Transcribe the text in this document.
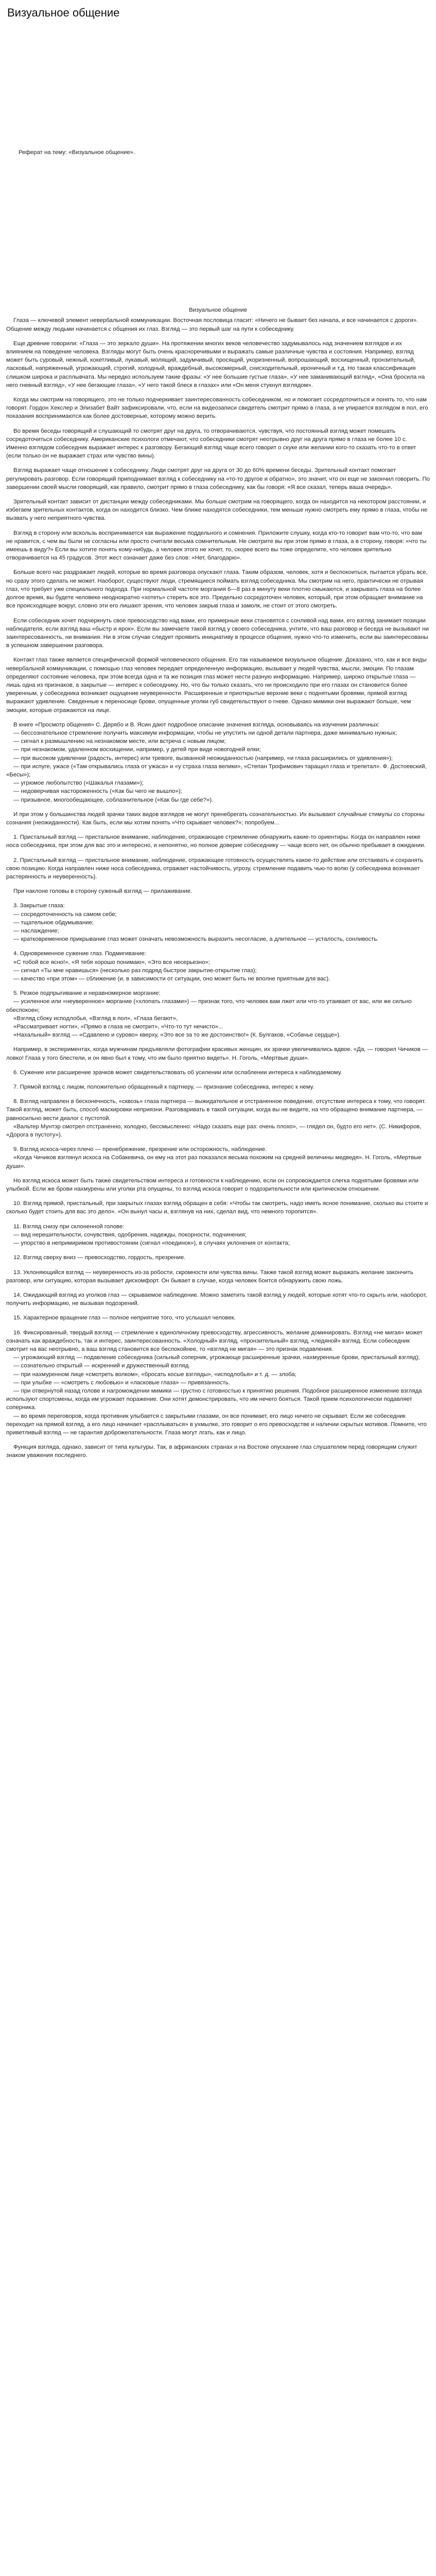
Визуальное общение
Реферат на тему: «Визуальное общение».
Визуальное общение

Глаза — ключевой элемент невербальной коммуникации. Восточная пословица гласит: «Ничего не бывает без начала, и все начинается с дороги». Общение между людьми начинается с общения их глаз. Взгляд — это первый шаг на пути к собеседнику.

Еще древние говорили: «Глаза — это зеркало души». На протяжении многих веков человечество задумывалось над значением взглядов и их влиянием на поведение человека. Взгляды могут быть очень красноречивыми и выражать самые различные чувства и состояния. Например, взгляд может быть суровый, нежный, кокетливый, лукавый, молящий, задумчивый, просящий, укоризненный, вопрошающий, восхищенный, пронзительный, ласковый, напряженный, угрожающий, строгий, холодный, враждебный, высокомерный, снисходительный, ироничный и т.д. Но такая классификация слишком широка и расплывчата. Мы нередко используем такие фразы: «У нее большие густые глаза», «У нее заманивающий взгляд», «Она бросила на него гневный взгляд», «У нее бегающие глаза», «У него такой блеск в глазах» или «Он меня стукнул взглядом».

Когда мы смотрим на говорящего, это не только подчеркивает заинтересованность собеседником, но и помогает сосредоточиться и понять то, что нам говорят. Гордон Хекслер и Элизабет Вайт зафиксировали, что, если на видеозаписи свидетель смотрит прямо в глаза, а не упирается взглядом в пол, его показания воспринимаются как более достоверные, которому можно верить.

Во время беседы говорящий и слушающий то смотрят друг на друга, то отворачиваются, чувствуя, что постоянный взгляд может помешать сосредоточиться собеседнику. Американские психологи отмечают, что собеседники смотрят неотрывно друг на друга прямо в глаза не более 10 с. Именно взглядом собеседник выражает интерес к разговору. Бегающий взгляд чаще всего говорит о скуке или желании кого-то сказать что-то в ответ (если только он не выражает страх или чувство вины).

Взгляд выражает чаще отношение к собеседнику. Люди смотрят друг на друга от 30 до 60% времени беседы. Зрительный контакт помогает регулировать разговор. Если говорящий приподнимает взгляд к собеседнику на «то-то другое и обратно», это значит, что он еще не закончил говорить. По завершении своей мысли говорящий, как правило, смотрит прямо в глаза собеседнику, как бы говоря: «Я все сказал, теперь ваша очередь».

Зрительный контакт зависит от дистанции между собеседниками. Мы больше смотрим на говорящего, когда он находится на некотором расстоянии, и избегаем зрительных контактов, когда он находится близко. Чем ближе находятся собеседники, тем меньше нужно смотреть ему прямо в глаза, чтобы не вызвать у него неприятного чувства.

Взгляд в сторону или вскользь воспринимается как выражение поддельного и сомнения. Приложите слушку, когда кто-то говорит вам что-то, что вам не нравится, с чем вы были не согласны или просто считали весьма сомнительным. Не смотрите вы при этом прямо в глаза, а в сторону, говоря: «что ты имеешь в виду?» Если вы хотите понять кому-нибудь, а человек этого не хочет, то, скорее всего вы тоже определите, что человек зрительно отворачивается на 45 градусов. Этот жест означает даже без слов: «Нет, благодарю».

Больше всего нас раздражает людей, которые во время разговора опускают глаза. Таким образом, человек, хотя и беспокоиться, пытается убрать все, но сразу этого сделать не может. Наоборот, существуют люди, стремящиеся поймать взгляд собеседника. Мы смотрим на него, практически не отрывая глаз, что требует уже специального подхода. При нормальной частоте моргания 6—8 раз в минуту веки плотно смыкаются, и закрывать глаза на более долгое время, вы будете человеке неоднократно «хотеть» стереть все это. Предельно сосредоточен человек, который, при этом обращает внимание на все происходящее вокруг, словно эти его лишают зрения, что человек закрыв глаза и замолк, не стоит от этого смотреть.

Если собеседник хочет подчеркнуть свое превосходство над вами, его примерные веки становятся с сонливой над вами, его взгляд занимает позиции наблюдателя, если взгляд ваш «быстр и ярок». Если вы замечаете такой взгляд у своего собеседника, учтите, что ваш разговор и беседа не вызывают ни заинтересованность, ни внимания. Ни в этом случае следует проявить инициативу в процессе общения, нужно что-то изменить, если вы заинтересованы в успешном завершении разговора.

Контакт глаз также является специфической формой человеческого общения. Его так называемое визуальное общение. Доказано, что, как и все виды невербальной коммуникации, с помощью глаз человек передает определенную информацию, вызывает у людей чувства, мысли, эмоции. По глазам определяют состояние человека, при этом всегда одна и та же позиция глаз может нести разную информацию. Например, широко открытые глаза — лишь одна из признаков, а закрытые — интерес к собеседнику. Но, что бы только сказать, что ни происходило при его глазах он становится более уверенным, у собеседника возникает ощущение неуверенности. Расширенные и приоткрытые верхние веки с поднятыми бровями, прямой взгляд выражают удивление. Сведенные к переносице брови, опущенные уголки губ свидетельствуют о гневе. Однако мимики они выражают больше, чем эмоции, которые отражаются на лице.

В книге «Просмотр общения» С. Дерябо и В. Ясин дают подробное описание значения взгляда, основываясь на изучении различных:

— бессознательное стремление получить максимум информации, чтобы не упустить ни одной детали партнера, даже минимально нужных;

— сигнал к размышлению на незнакомом месте, или встреча с новым лицом;

— при незнакомом, удаленном восхищении, например, у детей при виде новогодней елки;

— при высоком удивлении (радость, интерес) или тревоге, вызванной неожиданностью (например, «и глаза расширились от удивления»);

— при испуге, ужасе («Там открывались глаза от ужаса» и «у страха глаза велики», «Степан Трофимович таращил глаза и трепетал». Ф. Достоевский, «Бесы»);

— угрюмое любопытство («Шакалья глазами»);

— недоверчивая настороженность («Как бы чего не вышло»);

— призывное, многообещающее, соблазнительное («Как бы где себе?»).

И при этом у большинства людей зрачки таких видов взглядов не могут пренебрегать сознательностью. Их вызывают случайные стимулы со стороны сознания (неожиданности). Как быть, если мы хотим понять «Что скрывает человек?»; попробуем...

1. Пристальный взгляд — пристальное внимание, наблюдение, отражающее стремление обнаружить какие-то ориентиры. Когда он направлен ниже носа собеседника, при этом для вас это и интересно, и непонятно, но полное доверие собеседнику — чаще всего нет, он обычно пребывает в ожидании.

2. Пристальный взгляд — пристальное внимание, наблюдение, отражающее готовность осуществлять какое-то действие или отстаивать и сохранять свою позицию. Когда направлен ниже носа собеседника, отражает настойчивость, угрозу, стремление подавить чью-то волю (у собеседника возникает растерянность и неуверенность).

При наклоне головы в сторону суженый взгляд — прилаживание.

3. Закрытые глаза:

— сосредоточенность на самом себе;

— тщательное обдумывание;

— наслаждение;

— кратковременное прикрывание глаз может означать невозможность выразить несогласие, а длительное — усталость, сонливость.

4. Одновременное сужение глаз. Подмигивание:

«С тобой все ясно!», «Я тебя хорошо понимаю», «Это все несерьезно»;

— сигнал «Ты мне нравишься» (несколько раз подряд быстрое закрытие-открытие глаз);

— качество «при этом» — сближение (и, в зависимости от ситуации, оно может быть не вполне приятным для вас).

5. Резкое подпрыгивание и неравномерное моргание:

— усиленное или «неуверенное» моргание («хлопать глазами») — признак того, что человек вам лжет или что-то утаивает от вас, или же сильно обеспокоен;

«Взгляд сбоку исподлобья, «Взгляд в пол», «Глаза бегают»,

«Рассматривает ногти», «Прямо в глаза не смотрит», «Что-то тут нечисто»...

«Нахальный» взгляд — «Сдавлено и сурово» кверху, «Это все за то же достоинство!» (К. Булгаков, «Собачье сердце»).

Например, в экспериментах, когда мужчинам предъявляли фотографии красивых женщин, их зрачки увеличивались вдвое. «Да, — говорил Чичиков — ловко! Глаза у того блестели, и он явно был к тому, что им было приятно видеть». Н. Гоголь, «Мертвые души».

6. Сужение или расширение зрачков может свидетельствовать об усилении или ослаблении интереса к наблюдаемому.

7. Прямой взгляд с лицом, положительно обращенный к партнеру, — признание собеседника, интерес к нему.

8. Взгляд направлен в бесконечность, «сквозь» глаза партнера — выжидательное и отстраненное поведение, отсутствие интереса к тому, что говорят. Такой взгляд, может быть, способ маскировки неприязни. Разговаривать в такой ситуации, когда вы не видите, на что обращено внимание партнера, — равносильно вести диалог с пустотой.

«Вальтер Мунтэр смотрел отстраненно, холодно, бессмысленно: «Надо сказать еще раз: очень плохо», — глядел он, будто его нет». (С. Никифоров, «Дорога в пустоту»).

9. Взгляд искоса-через плечо — пренебрежение, презрение или осторожность, наблюдение.

«Когда Чичиков взглянул искоса на Собакевича, он ему на этот раз показался весьма похожим на средней величины медведя». Н. Гоголь, «Мертвые души».

Но взгляд искоса может быть также свидетельством интереса и готовности к наблюдению, если он сопровождается слегка поднятыми бровями или улыбкой. Если же брови нахмурены или уголки рта опущены, то взгляд искоса говорит о подозрительности или критическом отношении.

10. Взгляд прямой, пристальный, при закрытых глазах взгляд обращен в себя: «Чтобы так смотреть, надо иметь ясное понимание, сколько вы стоите и сколько будет стоить для вас это дело». «Он вынул часы и, взглянув на них, сделал вид, что немного торопится».

11. Взгляд снизу при склоненной голове:

— вид нерешительности, сочувствия, одобрения, надежды, покорности, подчинения;

— упорство в непримиримом противостоянии (сигнал «поединок»), в случаях уклонения от контакта;

12. Взгляд сверху вниз — превосходство, гордость, презрение.

13. Уклоняющийся взгляд — неуверенность из-за робости, скромности или чувства вины. Также такой взгляд может выражать желание закончить разговор, или ситуацию, которая вызывает дискомфорт. Он бывает в случае, когда человек боится обнаружить свою ложь.

14. Ожидающий взгляд из уголков глаз — скрываемое наблюдение. Можно заметить такой взгляд у людей, которые хотят что-то скрыть или, наоборот, получить информацию, не вызывая подозрений.

15. Характерное вращение глаз — полное неприятие того, что услышал человек.

16. Фиксированный, твердый взгляд — стремление к единоличному превосходству, агрессивность, желание доминировать. Взгляд «не мигая» может означать как враждебность, так и интерес, заинтересованность. «Холодный» взгляд, «пронзительный» взгляд, «ледяной» взгляд. Если собеседник смотрит на вас неотрывно, а ваш взгляд становится все беспокойнее, то «взгляд не мигая» — это признак подавления.

— угрожающий взгляд — подавление собеседника (сильный соперник, угрожающе расширенные зрачки, нахмуренные брови, пристальный взгляд);

— сознательно открытый — искренний и дружественный взгляд.

— при нахмуренном лице «смотреть волком», «бросать косые взгляды», «исподлобья» и т. д. — злоба;

— при улыбке — «смотреть с любовью» и «ласковые глаза» — привязанность.

— при отвернутой назад голове и нагромождении мимики — грустно с готовностью к принятию решения. Подобное расширенное изменение взгляда используют спортсмены, когда им угрожает поражение. Они хотят демонстрировать, что им нечего бояться. Такой прием психологически подавляет соперника.

— во время переговоров, когда противник улыбается с закрытыми глазами, он все понимает, его лицо ничего не скрывает. Если же собеседник переходит на прямой взгляд, а его лицо начинает «расплываться» в ухмылке, это говорит о его превосходстве и наличии скрытых мотивов. Помните, что приветливый взгляд — не гарантия доброжелательности. Глаза могут лгать, как и лицо.

Функция взгляда, однако, зависит от типа культуры. Так, в африканских странах и на Востоке опускание глаз слушателем перед говорящим служит знаком уважения последнего.
